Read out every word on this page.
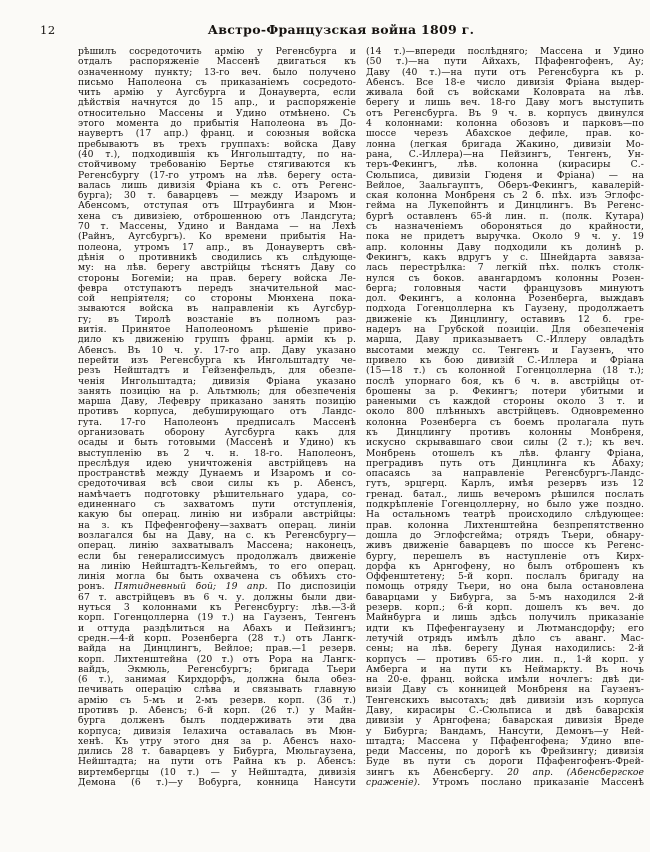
12	Австро-Французская война 1809 г.
рѣшилъ сосредоточить армію у Регенсбурга и
отдалъ распоряженіе Массенѣ двигаться къ
означенному пункту; 13-го веч. было получено
письмо Наполеона съ приказаніемъ сосредото-
чить армію у Аугсбурга и Донауверта, если
дѣйствія начнутся до 15 апр., и распоряженіе
относительно Массены и Удино отмѣнено. Съ
этого момента до прибытія Наполеона въ До-
наувертъ (17 апр.) франц. и союзныя войска
пребываютъ въ трехъ группахъ: войска Даву
(40 т.), подходившія къ Ингольштадту, по на-
стойчивому требованію Бертье стягиваются къ
Регенсбургу (17-го утромъ на лѣв. берегу оста-
валась лишь дивизія Фріана къ с. отъ Регенс-
бурга); 30 т. баварцевъ — между Изаромъ и
Абенсомъ, отступая отъ Штраубинга и Мюн-
хена съ дивизіею, отброшенною отъ Ландсгута;
70 т. Массены, Удино и Вандама — на Лехѣ
(Райнъ, Аугсбургъ). Ко времени прибытія На-
полеона, утромъ 17 апр., въ Донаувертъ свѣ-
дѣнія о противникѣ сводились къ слѣдующе-
му: на лѣв. берегу австрійцы тѣснятъ Даву со
стороны Богеміи; на прав. берегу войска Ле-
февра отступаютъ передъ значительной мас-
сой непріятеля; со стороны Мюнхена пока-
зываются войска въ направленіи къ Аугсбур-
гу; въ Тиролѣ возстаніе въ полномъ раз-
витія. Принятое Наполеономъ рѣшеніе приво-
дило къ движенію группъ франц. арміи къ р.
Абенсъ. Въ 10 ч. у. 17-го апр. Даву указано
перейти изъ Регенсбурга къ Ингольштадту че-
резъ Нейштадтъ и Гейзенфельдъ, для обезпе-
ченія Ингольштадта; дивизія Фріана указано
занять позицію на р. Альтмюль; для обезпеченія
марша Даву, Лефевру приказано занять позицію
противъ корпуса, дебуширующаго отъ Ландс-
гута. 17-го Наполеонъ предписалъ Массенѣ
организовать оборону Аугсбурга какъ для
осады и быть готовыми (Массенѣ и Удино) къ
выступленію въ 2 ч. н. 18-го. Наполеонъ,
преслѣдуя идею уничтоженія австрійцевъ на
пространствѣ между Дунаемъ и Изаромъ и со-
средоточивая всѣ свои силы къ р. Абенсъ,
намѣчаетъ подготовку рѣшительнаго удара, со-
единеннаго съ захватомъ пути отступленія,
какую бы операц. линію ни избрали австрійцы:
на з. къ Пфефенгофену—захватъ операц. линіи
возлагался бы на Даву, на с. къ Регенсбургу—
операц. линію захватывалъ Массена; наконецъ,
если бы генералиссимусъ продолжалъ движеніе
на линію Нейштадтъ-Кельгеймъ, то его операц.
линія могла бы быть охвачена съ обѣихъ сто-
ронъ. Пятидневный бой; 19 апр. По диспозиціи
67 т. австрійцевъ въ 6 ч. у. должны были дви-
нуться 3 колоннами къ Регенсбургу: лѣв.—3-й
корп. Гогенцоллерна (19 т.) на Гаузенъ, Тенгенъ
и оттуда раздѣлиться на Абахъ и Пейзингъ;
средн.—4-й корп. Розенберга (28 т.) отъ Лангк-
вайда на Динцлингъ, Вейлое; прав.—1 резерв.
корп. Лихтенштейна (20 т.) отъ Рора на Лангк-
вайдъ, Экмюль, Регенсбургъ; бригада Тьери
(6 т.), занимая Кирхдорфъ, должна была обез-
печивать операцію слѣва и связывать главную
армію съ 5-мъ и 2-мъ резерв. корп. (36 т.)
противъ р. Абенсъ; 6-й корп. (26 т.) у Майн-
бурга долженъ былъ поддерживать эти два
корпуса; дивизія Іелахича оставалась въ Мюн-
хенѣ. Къ утру этого дня за р. Абенсъ нахо-
дились 28 т. баварцевъ у Бибурга, Мюльгаузена,
Нейштадта; на пути отъ Райна къ р. Абенсъ:
виртембергцы (10 т.) — у Нейштадта, дивизія
Демона (6 т.)—у Вобурга, конница Нансути
(14 т.)—впереди послѣдняго; Массена и Удино
(50 т.)—на пути Айхахъ, Пфафенгофенъ, Ау;
Даву (40 т.)—на пути отъ Регенсбурга къ р.
Абенсъ. Все 18-е число дивизія Фріана выдер-
живала бой съ войсками Коловрата на лѣв.
берегу и лишь веч. 18-го Даву могъ выступить
отъ Регенсбурга. Въ 9 ч. в. корпусъ двинулся
4 колоннами: колонна обозовъ и парковъ—по
шоссе черезъ Абахское дефиле, прав. ко-
лонна (легкая бригада Жакино, дивизіи Мо-
рана, С.-Иллера)—на Пейзингъ, Тенгенъ, Ун-
теръ-Фекингъ, лѣв. колонна (кирасиры С.-
Сюльписа, дивизіи Гюденя и Фріана) — на
Вейлое, Заальгауптъ, Оберъ-Фекингъ, кавалерій-
ская колонна Монбреня съ 2 б. пѣх. изъ Эглофс-
гейма на Лукепойнтъ и Динцлингъ. Въ Регенс-
бургѣ оставленъ 65-й лин. п. (полк. Кутара)
съ назначеніемъ обороняться до крайности,
пока не придетъ выручка. Около 9 ч. у. 19
апр. колонны Даву подходили къ долинѣ р.
Фекингъ, какъ вдругъ у с. Шнейдарта завяза-
лась перестрѣлка: 7 легкій пѣх. полкъ столк-
нулся съ боков. авангардомъ колонны Розен-
берга; головныя части французовъ минуютъ
дол. Фекингъ, а колонна Розенберга, выждавъ
подхода Гогенцоллерна къ Гаузену, продолжаетъ
движеніе къ Динцлингу, оставивъ 12 б. гре-
надеръ на Грубской позиціи. Для обезпеченія
марша, Даву приказываетъ С.-Иллеру овладѣть
высотами между сс. Тенгенъ и Гаузенъ, что
привело къ бою дивизій С.-Иллера и Фріана
(15—18 т.) съ колонной Гогенцоллерна (18 т.);
послѣ упорнаго боя, къ 6 ч. в. австрійцы от-
брошены за р. Фекингъ; потери убитыми и
ранеными съ каждой стороны около 3 т. и
около 800 плѣнныхъ австрійцевъ. Одновременно
колонна Розенберга съ боемъ пролагала путь
къ Динцлингу противъ колонны Монбреня,
искусно скрывавшаго свои силы (2 т.); къ веч.
Монбрень отошелъ къ лѣв. флангу Фріана,
преградивъ путь отъ Динцлинга къ Абаху;
опасаясь за направленіе Регенсбургъ-Ландс-
гутъ, эрцгерц. Карлъ, имѣя резервъ изъ 12
гренад. батал., лишь вечеромъ рѣшился послать
подкрѣпленіе Гогенцоллерну, но было уже поздно.
На остальномъ театрѣ происходило слѣдующее:
прав. колонна Лихтенштейна безпрепятственно
дошла до Эглофсгейма; отрядъ Тьери, обнару-
живъ движеніе баварцевъ по шоссе къ Регенс-
бургу, перешелъ въ наступленіе отъ Кирх-
дорфа къ Арнгофену, но былъ отброшенъ къ
Оффенштетену; 5-й корп. послалъ бригаду на
помощь отряду Тьери, но она была остановлена
баварцами у Бибурга, за 5-мъ находился 2-й
резерв. корп.; 6-й корп. дошелъ къ веч. до
Майнбурга и лишь здѣсь получилъ приказаніе
идти къ Пфефенгаузену и Лютмансдорфу; его
летучій отрядъ имѣлъ дѣло съ аванг. Мас-
сены; на лѣв. берегу Дуная находились: 2-й
корпусъ — противъ 65-го лин. п., 1-й корп. у
Амберга и на пути къ Неймаркту. Въ ночь
на 20-е. франц. войска имѣли ночлегъ: двѣ ди-
визіи Даву съ конницей Монбреня на Гаузенъ-
Тенгенскихъ высотахъ; двѣ дивизіи изъ корпуса
Даву, кирасиры С.-Сюльписа и двѣ баварскія
дивизіи у Арнгофена; баварская дивизія Вреде
у Бибурга; Вандамъ, Нансути, Демонъ—у Ней-
штадта; Массена у Пфафенгофена; Удино впе-
реди Массены, по дорогѣ къ Фрейзингу; дивизія
Буде въ пути съ дороги Пфафенгофенъ-Фрей-
зингъ къ Абенсбергу. 20 апр. (Абенсбергское
сраженіе). Утромъ послано приказаніе Массенѣ
